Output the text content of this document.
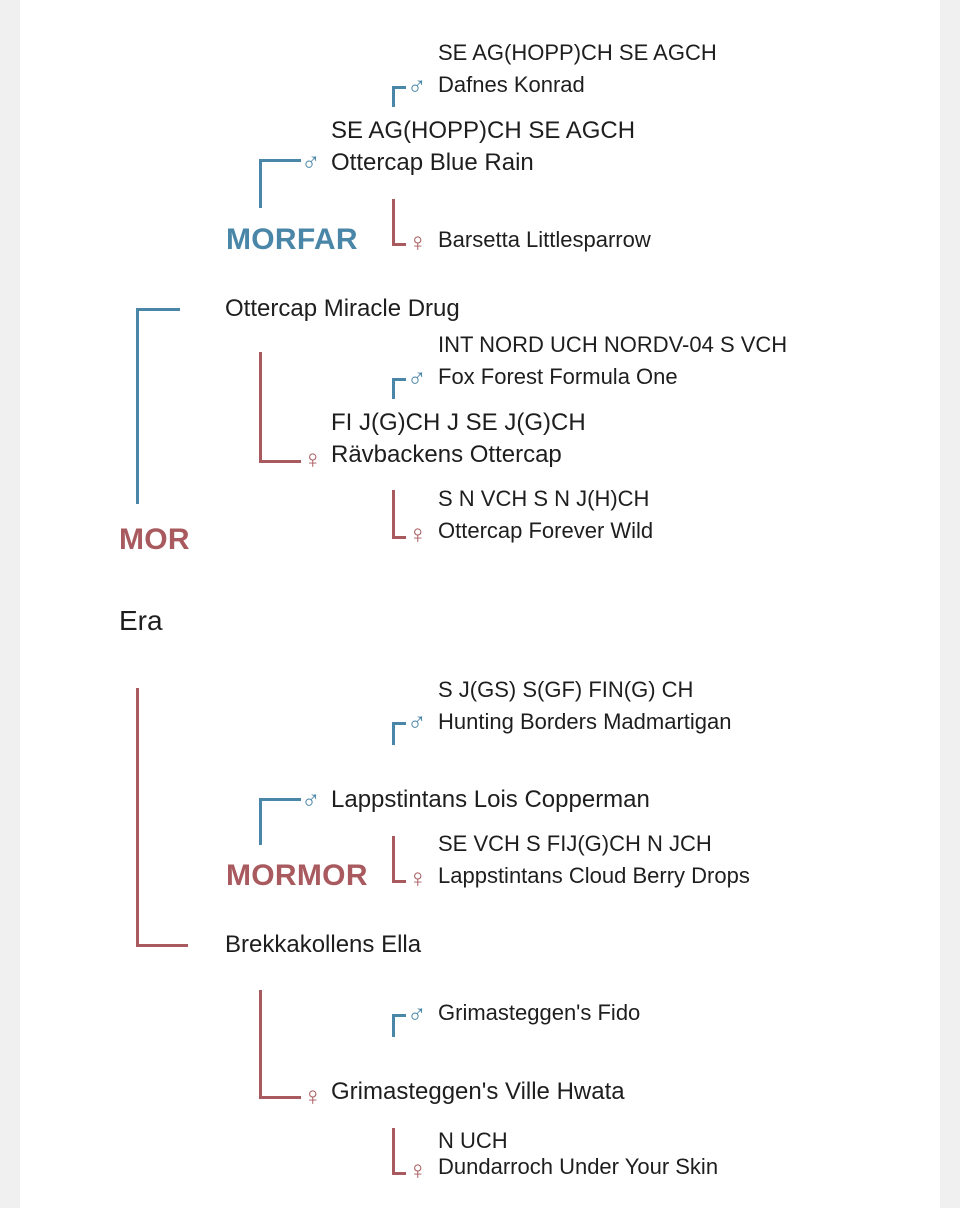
♂
SE AG(HOPP)CH SE AGCH
Dafnes Konrad
♂
SE AG(HOPP)CH SE AGCH
Ottercap Blue Rain
MORFAR ♀ Barsetta Littlesparrow
Ottercap Miracle Drug
♂
INT NORD UCH NORDV-04 S VCH
Fox Forest Formula One
♀
FI J(G)CH J SE J(G)CH
Rävbackens Ottercap
♀
S N VCH S N J(H)CH
Ottercap Forever Wild
MOR
Era
♂
S J(GS) S(GF) FIN(G) CH
Hunting Borders Madmartigan
♂ Lappstintans Lois Copperman
MORMOR ♀
SE VCH S FIJ(G)CH N JCH
Lappstintans Cloud Berry Drops
Brekkakollens Ella
♂ Grimasteggen's Fido
♀ Grimasteggen's Ville Hwata
♀
N UCH
Dundarroch Under Your Skin
